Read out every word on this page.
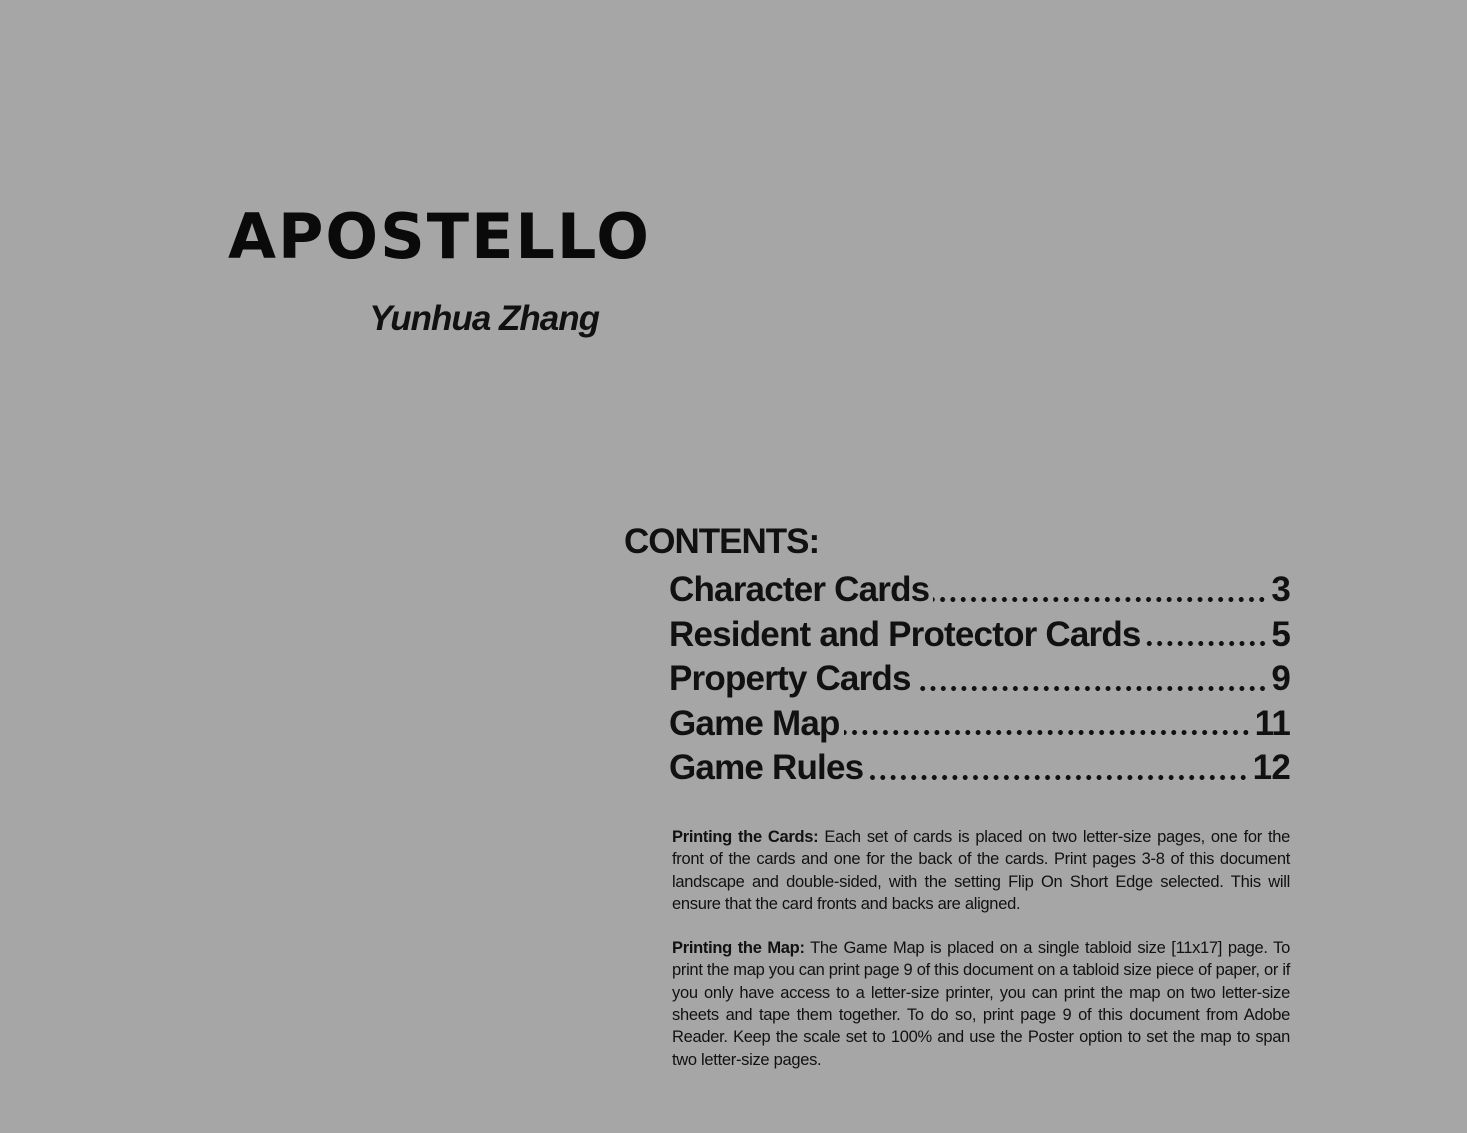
APOSTELLO

Yunhua Zhang

CONTENTS:
Character Cards	3
Resident and Protector Cards	5
Property Cards	9
Game Map	11
Game Rules	12

Printing the Cards: Each set of cards is placed on two letter-size pages, one for the front of the cards and one for the back of the cards. Print pages 3-8 of this document landscape and double-sided, with the setting Flip On Short Edge selected. This will ensure that the card fronts and backs are aligned.

Printing the Map: The Game Map is placed on a single tabloid size [11x17] page. To print the map you can print page 9 of this document on a tabloid size piece of paper, or if you only have access to a letter-size printer, you can print the map on two letter-size sheets and tape them together. To do so, print page 9 of this document from Adobe Reader. Keep the scale set to 100% and use the Poster option to set the map to span two letter-size pages.
